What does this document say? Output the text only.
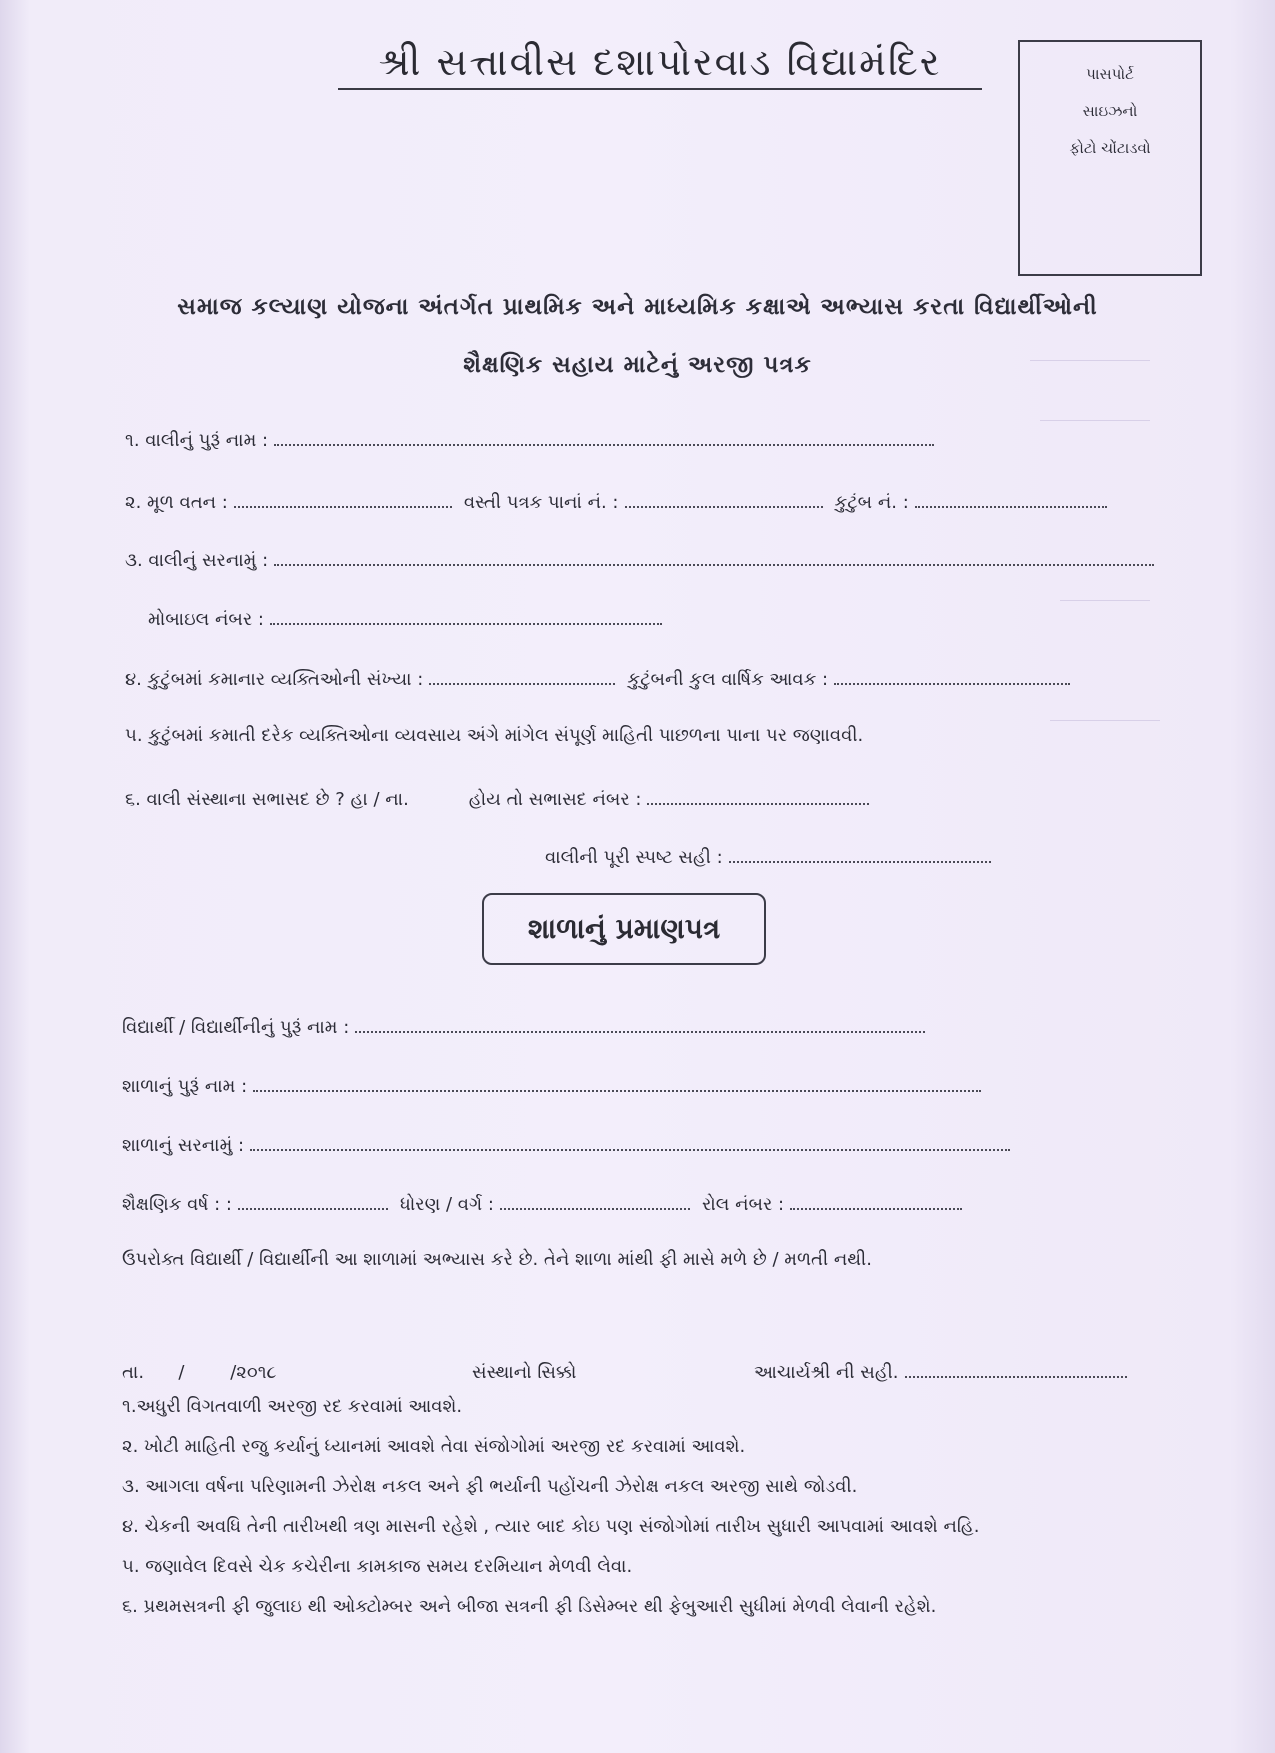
શ્રી સત્તાવીસ દશાપોરવાડ વિદ્યામંદિર	પાસપોર્ટ
સાઇઝનો
ફોટો ચોંટાડવો
સમાજ કલ્યાણ યોજના અંતર્ગત પ્રાથમિક અને માધ્યમિક કક્ષાએ અભ્યાસ કરતા વિદ્યાર્થીઓની
શૈક્ષણિક સહાય માટેનું અરજી પત્રક
૧. વાલીનું પુરૂં નામ :
૨. મૂળ વતન :	વસ્તી પત્રક પાનાં નં. :	કુટુંબ નં. :
૩. વાલીનું સરનામું :
મોબાઇલ નંબર :
૪. કુટુંબમાં કમાનાર વ્યક્તિઓની સંખ્યા :	કુટુંબની કુલ વાર્ષિક આવક :
૫. કુટુંબમાં કમાતી દરેક વ્યક્તિઓના વ્યવસાય અંગે માંગેલ સંપૂર્ણ માહિતી પાછળના પાના પર જણાવવી.
૬. વાલી સંસ્થાના સભાસદ છે ? હા / ના.	હોય તો સભાસદ નંબર :
વાલીની પૂરી સ્પષ્ટ સહી :
શાળાનું પ્રમાણપત્ર
વિદ્યાર્થી / વિદ્યાર્થીનીનું પુરૂં નામ :
શાળાનું પુરૂં નામ :
શાળાનું સરનામું :
શૈક્ષણિક વર્ષ : :	ધોરણ / વર્ગ :	રોલ નંબર :
ઉપરોક્ત વિદ્યાર્થી / વિદ્યાર્થીની આ શાળામાં અભ્યાસ કરે છે. તેને શાળા માંથી ફી માસે મળે છે / મળતી નથી.
તા.      /        /૨૦૧૮	સંસ્થાનો સિક્કો	આચાર્યશ્રી ની સહી.
૧.અધુરી વિગતવાળી અરજી રદ કરવામાં આવશે.
૨. ખોટી માહિતી રજુ કર્યાનું ધ્યાનમાં આવશે તેવા સંજોગોમાં અરજી રદ કરવામાં આવશે.
૩. આગલા વર્ષના પરિણામની ઝેરોક્ષ નકલ અને ફી ભર્યાની પહોંચની ઝેરોક્ષ નકલ અરજી સાથે જોડવી.
૪. ચેકની અવધિ તેની તારીખથી ત્રણ માસની રહેશે , ત્યાર બાદ કોઇ પણ સંજોગોમાં તારીખ સુધારી આપવામાં આવશે નહિ.
૫. જણાવેલ દિવસે ચેક કચેરીના કામકાજ સમય દરમિયાન મેળવી લેવા.
૬. પ્રથમસત્રની ફી જુલાઇ થી ઓક્ટોમ્બર અને બીજા સત્રની ફી ડિસેમ્બર થી ફેબુઆરી સુધીમાં મેળવી લેવાની રહેશે.
